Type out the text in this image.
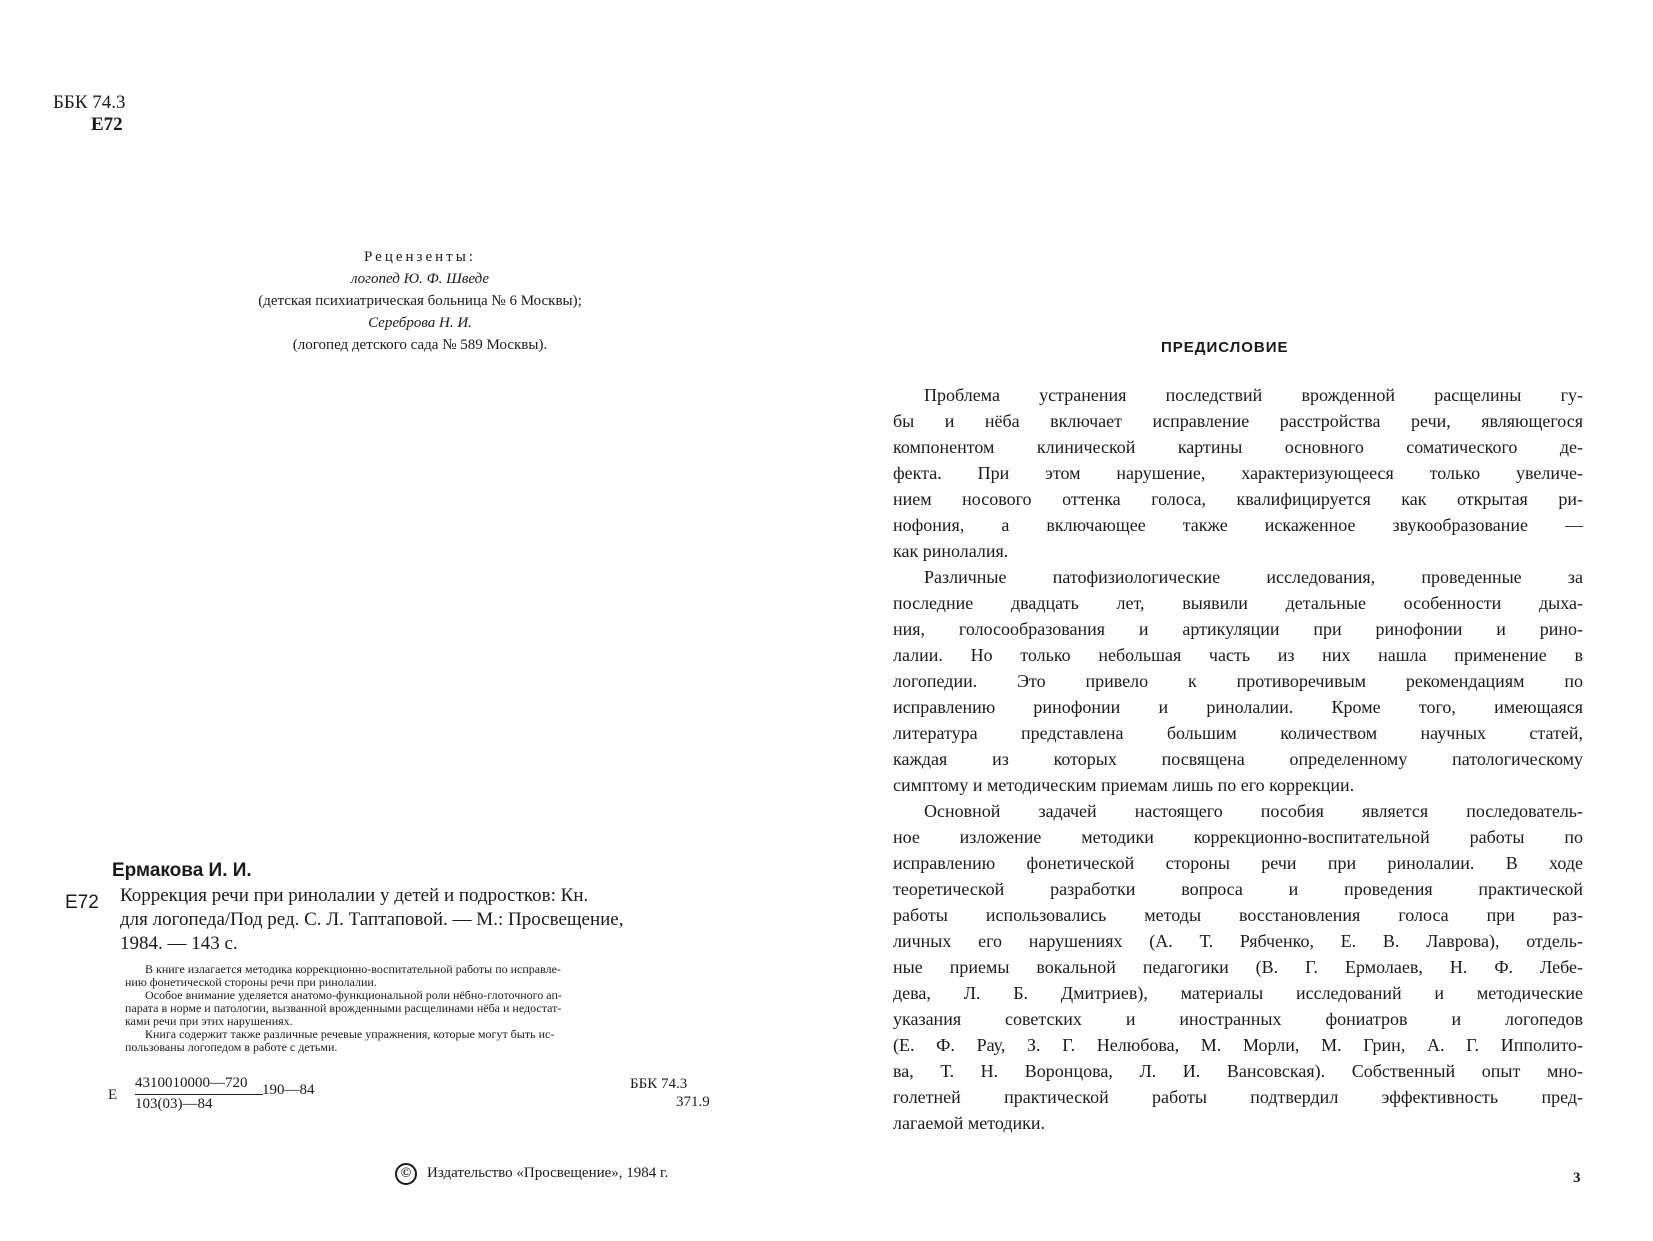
ББК 74.3
Е72
Рецензенты:
логопед Ю. Ф. Шведе
(детская психиатрическая больница № 6 Москвы);
Сереброва Н. И.
(логопед детского сада № 589 Москвы).
Ермакова И. И.
Е72 Коррекция речи при ринолалии у детей и подростков: Кн.
для логопеда/Под ред. С. Л. Таптаповой. — М.: Просвещение,
1984. — 143 с.
В книге излагается методика коррекционно-воспитательной работы по исправле-
нию фонетической стороны речи при ринолалии.
Особое внимание уделяется анатомо-функциональной роли нёбно-глоточного ап-
парата в норме и патологии, вызванной врожденными расщелинами нёба и недостат-
ками речи при этих нарушениях.
Книга содержит также различные речевые упражнения, которые могут быть ис-
пользованы логопедом в работе с детьми.
Е
4310010000—720 190—84
103(03)—84
ББК 74.3
371.9
© Издательство «Просвещение», 1984 г.
ПРЕДИСЛОВИЕ
Проблема устранения последствий врожденной расщелины гу-
бы и нёба включает исправление расстройства речи, являющегося
компонентом клинической картины основного соматического де-
фекта. При этом нарушение, характеризующееся только увеличе-
нием носового оттенка голоса, квалифицируется как открытая ри-
нофония, а включающее также искаженное звукообразование —
как ринолалия.
Различные патофизиологические исследования, проведенные за
последние двадцать лет, выявили детальные особенности дыха-
ния, голосообразования и артикуляции при ринофонии и рино-
лалии. Но только небольшая часть из них нашла применение в
логопедии. Это привело к противоречивым рекомендациям по
исправлению ринофонии и ринолалии. Кроме того, имеющаяся
литература представлена большим количеством научных статей,
каждая из которых посвящена определенному патологическому
симптому и методическим приемам лишь по его коррекции.
Основной задачей настоящего пособия является последователь-
ное изложение методики коррекционно-воспитательной работы по
исправлению фонетической стороны речи при ринолалии. В ходе
теоретической разработки вопроса и проведения практической
работы использовались методы восстановления голоса при раз-
личных его нарушениях (А. Т. Рябченко, Е. В. Лаврова), отдель-
ные приемы вокальной педагогики (В. Г. Ермолаев, Н. Ф. Лебе-
дева, Л. Б. Дмитриев), материалы исследований и методические
указания советских и иностранных фониатров и логопедов
(Е. Ф. Рау, З. Г. Нелюбова, М. Морли, М. Грин, А. Г. Ипполито-
ва, Т. Н. Воронцова, Л. И. Вансовская). Собственный опыт мно-
голетней практической работы подтвердил эффективность пред-
лагаемой методики.
3
